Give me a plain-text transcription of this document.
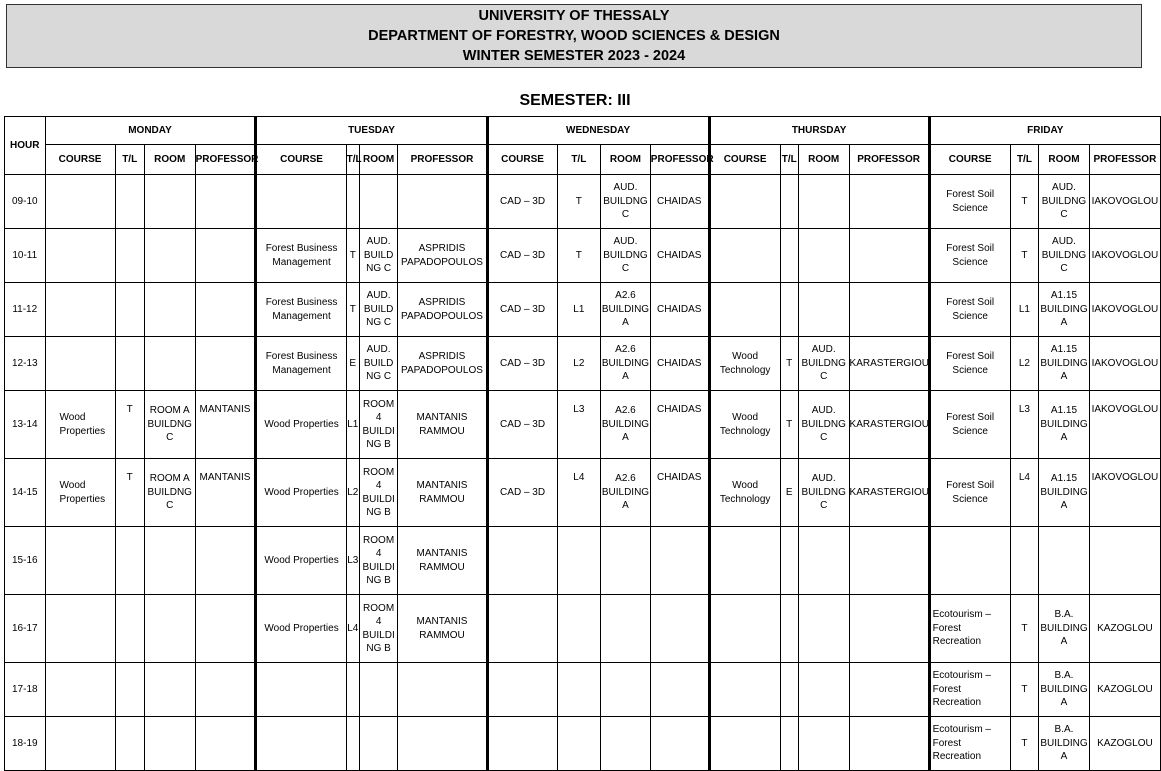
UNIVERSITY OF THESSALY
DEPARTMENT OF FORESTRY, WOOD SCIENCES & DESIGN
WINTER SEMESTER 2023 - 2024
SEMESTER: III
HOUR	MONDAY				TUESDAY				WEDNESDAY				THURSDAY				FRIDAY			
	COURSE	T/L	ROOM	PROFESSOR	COURSE	T/L	ROOM	PROFESSOR	COURSE	T/L	ROOM	PROFESSOR	COURSE	T/L	ROOM	PROFESSOR	COURSE	T/L	ROOM	PROFESSOR
09-10									CAD – 3D	T	AUD. BUILDNG C	CHAIDAS					Forest Soil Science	T	AUD. BUILDNG C	IAKOVOGLOU
10-11					Forest Business Management	T	AUD. BUILD NG C	ASPRIDIS PAPADOPOULOS	CAD – 3D	T	AUD. BUILDNG C	CHAIDAS					Forest Soil Science	T	AUD. BUILDNG C	IAKOVOGLOU
11-12					Forest Business Management	T	AUD. BUILD NG C	ASPRIDIS PAPADOPOULOS	CAD – 3D	L1	A2.6 BUILDING A	CHAIDAS					Forest Soil Science	L1	A1.15 BUILDING A	IAKOVOGLOU
12-13					Forest Business Management	E	AUD. BUILD NG C	ASPRIDIS PAPADOPOULOS	CAD – 3D	L2	A2.6 BUILDING A	CHAIDAS	Wood Technology	T	AUD. BUILDNG C	KARASTERGIOU	Forest Soil Science	L2	A1.15 BUILDING A	IAKOVOGLOU
13-14	Wood Properties	T	ROOM A BUILDNG C	MANTANIS	Wood Properties	L1	ROOM 4 BUILDI NG B	MANTANIS RAMMOU	CAD – 3D	L3	A2.6 BUILDING A	CHAIDAS	Wood Technology	T	AUD. BUILDNG C	KARASTERGIOU	Forest Soil Science	L3	A1.15 BUILDING A	IAKOVOGLOU
14-15	Wood Properties	T	ROOM A BUILDNG C	MANTANIS	Wood Properties	L2	ROOM 4 BUILDI NG B	MANTANIS RAMMOU	CAD – 3D	L4	A2.6 BUILDING A	CHAIDAS	Wood Technology	E	AUD. BUILDNG C	KARASTERGIOU	Forest Soil Science	L4	A1.15 BUILDING A	IAKOVOGLOU
15-16					Wood Properties	L3	ROOM 4 BUILDI NG B	MANTANIS RAMMOU												
16-17					Wood Properties	L4	ROOM 4 BUILDI NG B	MANTANIS RAMMOU									Ecotourism – Forest Recreation	T	B.A. BUILDING A	KAZOGLOU
17-18																	Ecotourism – Forest Recreation	T	B.A. BUILDING A	KAZOGLOU
18-19																	Ecotourism – Forest Recreation	T	B.A. BUILDING A	KAZOGLOU
